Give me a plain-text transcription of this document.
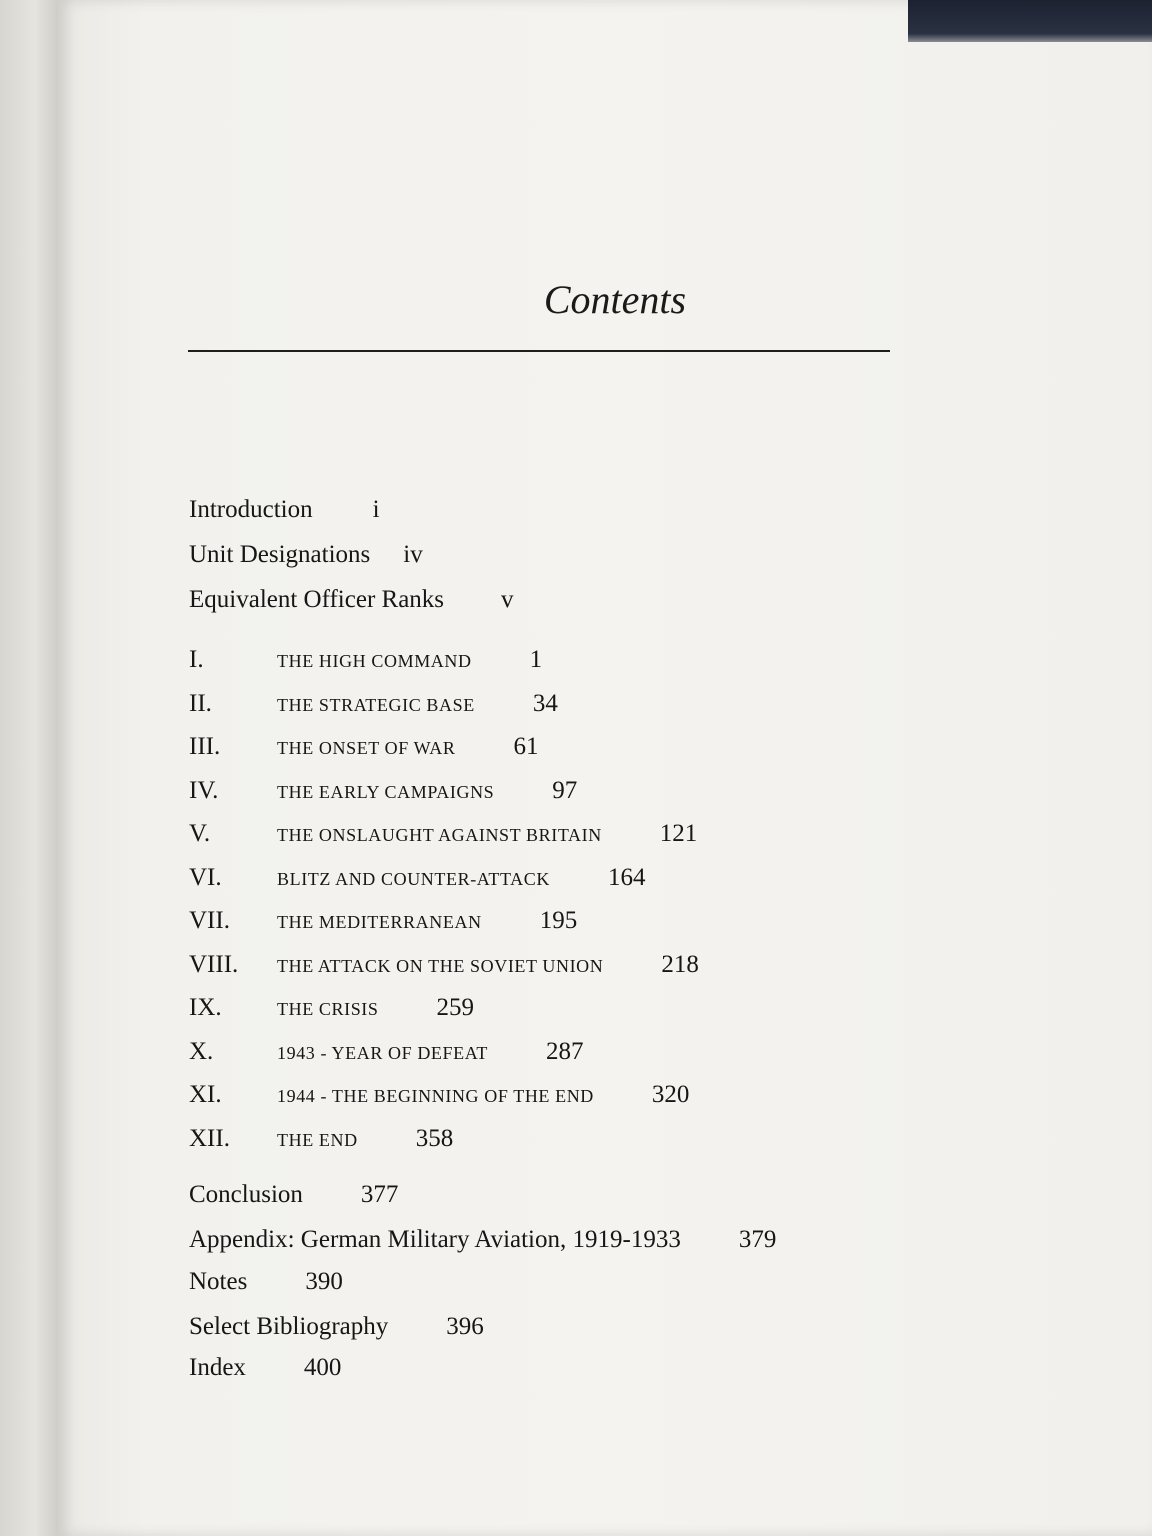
Contents
Introduction i
Unit Designations iv
Equivalent Officer Ranks v
I.	THE HIGH COMMAND 1
II.	THE STRATEGIC BASE 34
III.	THE ONSET OF WAR 61
IV.	THE EARLY CAMPAIGNS 97
V.	THE ONSLAUGHT AGAINST BRITAIN 121
VI.	BLITZ AND COUNTER-ATTACK 164
VII.	THE MEDITERRANEAN 195
VIII. THE ATTACK ON THE SOVIET UNION 218
IX.	THE CRISIS 259
X.	1943 - YEAR OF DEFEAT 287
XI.	1944 - THE BEGINNING OF THE END 320
XII.	THE END 358
Conclusion 377
Appendix: German Military Aviation, 1919-1933 379
Notes 390
Select Bibliography 396
Index 400
